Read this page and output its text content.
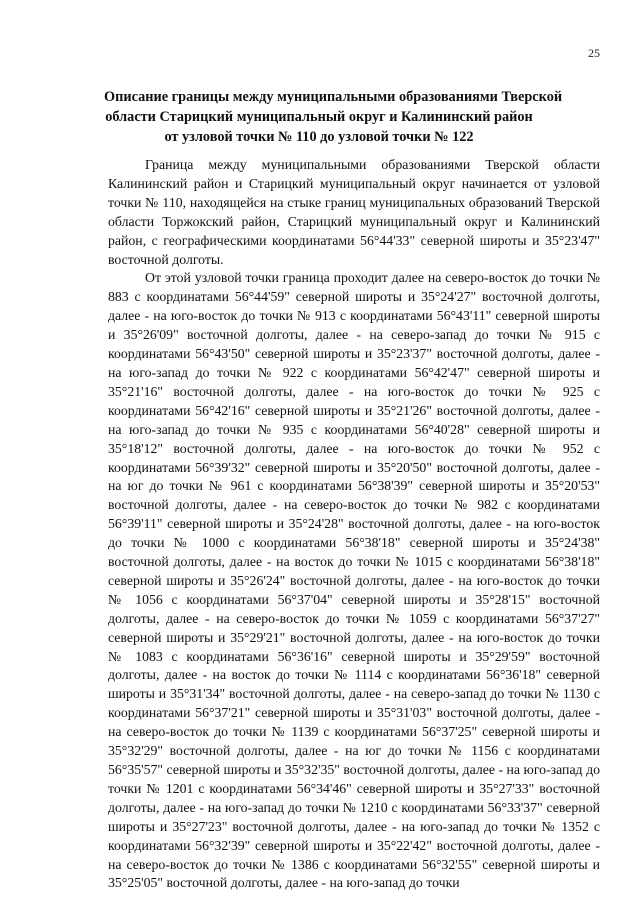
25
Описание границы между муниципальными образованиями Тверской
области Старицкий муниципальный округ и Калининский район
от узловой точки № 110 до узловой точки № 122

Граница между муниципальными образованиями Тверской области Калининский район и Старицкий муниципальный округ начинается от узловой точки № 110, находящейся на стыке границ муниципальных образований Тверской области Торжокский район, Старицкий муниципальный округ и Калининский район, с географическими координатами 56°44'33" северной широты и 35°23'47" восточной долготы.

От этой узловой точки граница проходит далее на северо-восток до точки № 883 с координатами 56°44'59" северной широты и 35°24'27" восточной долготы, далее - на юго-восток до точки № 913 с координатами 56°43'11" северной широты и 35°26'09" восточной долготы, далее - на северо-запад до точки № 915 с координатами 56°43'50" северной широты и 35°23'37" восточной долготы, далее - на юго-запад до точки № 922 с координатами 56°42'47" северной широты и 35°21'16" восточной долготы, далее - на юго-восток до точки № 925 с координатами 56°42'16" северной широты и 35°21'26" восточной долготы, далее - на юго-запад до точки № 935 с координатами 56°40'28" северной широты и 35°18'12" восточной долготы, далее - на юго-восток до точки № 952 с координатами 56°39'32" северной широты и 35°20'50" восточной долготы, далее - на юг до точки № 961 с координатами 56°38'39" северной широты и 35°20'53" восточной долготы, далее - на северо-восток до точки № 982 с координатами 56°39'11" северной широты и 35°24'28" восточной долготы, далее - на юго-восток до точки № 1000 с координатами 56°38'18" северной широты и 35°24'38" восточной долготы, далее - на восток до точки № 1015 с координатами 56°38'18" северной широты и 35°26'24" восточной долготы, далее - на юго-восток до точки № 1056 с координатами 56°37'04" северной широты и 35°28'15" восточной долготы, далее - на северо-восток до точки № 1059 с координатами 56°37'27" северной широты и 35°29'21" восточной долготы, далее - на юго-восток до точки № 1083 с координатами 56°36'16" северной широты и 35°29'59" восточной долготы, далее - на восток до точки № 1114 с координатами 56°36'18" северной широты и 35°31'34" восточной долготы, далее - на северо-запад до точки № 1130 с координатами 56°37'21" северной широты и 35°31'03" восточной долготы, далее - на северо-восток до точки № 1139 с координатами 56°37'25" северной широты и 35°32'29" восточной долготы, далее - на юг до точки № 1156 с координатами 56°35'57" северной широты и 35°32'35" восточной долготы, далее - на юго-запад до точки № 1201 с координатами 56°34'46" северной широты и 35°27'33" восточной долготы, далее - на юго-запад до точки № 1210 с координатами 56°33'37" северной широты и 35°27'23" восточной долготы, далее - на юго-запад до точки № 1352 с координатами 56°32'39" северной широты и 35°22'42" восточной долготы, далее - на северо-восток до точки № 1386 с координатами 56°32'55" северной широты и 35°25'05" восточной долготы, далее - на юго-запад до точки
